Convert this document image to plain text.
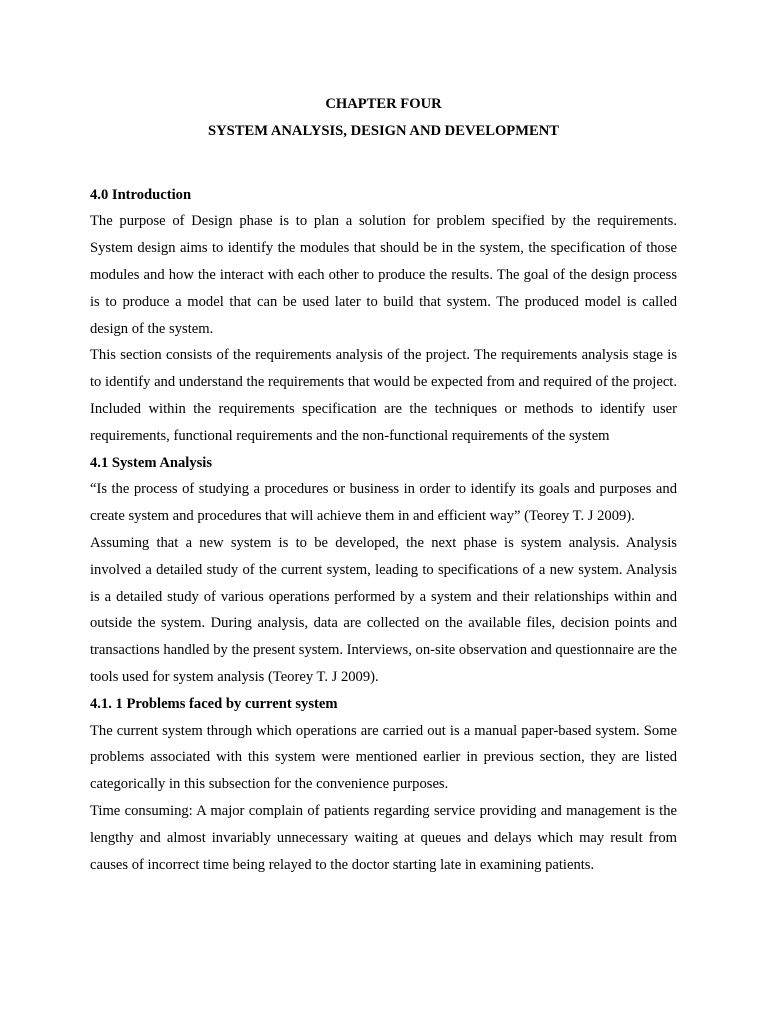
CHAPTER FOUR

SYSTEM ANALYSIS, DESIGN AND DEVELOPMENT

4.0 Introduction

The purpose of Design phase is to plan a solution for problem specified by the requirements. System design aims to identify the modules that should be in the system, the specification of those modules and how the interact with each other to produce the results. The goal of the design process is to produce a model that can be used later to build that system. The produced model is called design of the system.

This section consists of the requirements analysis of the project. The requirements analysis stage is to identify and understand the requirements that would be expected from and required of the project. Included within the requirements specification are the techniques or methods to identify user requirements, functional requirements and the non-functional requirements of the system

4.1 System Analysis

“Is the process of studying a procedures or business in order to identify its goals and purposes and create system and procedures that will achieve them in and efficient way” (Teorey T. J 2009).

Assuming that a new system is to be developed, the next phase is system analysis. Analysis involved a detailed study of the current system, leading to specifications of a new system. Analysis is a detailed study of various operations performed by a system and their relationships within and outside the system. During analysis, data are collected on the available files, decision points and transactions handled by the present system. Interviews, on-site observation and questionnaire are the tools used for system analysis (Teorey T. J 2009).

4.1. 1 Problems faced by current system

The current system through which operations are carried out is a manual paper-based system. Some problems associated with this system were mentioned earlier in previous section, they are listed categorically in this subsection for the convenience purposes.

Time consuming: A major complain of patients regarding service providing and management is the lengthy and almost invariably unnecessary waiting at queues and delays which may result from causes of incorrect time being relayed to the doctor starting late in examining patients.
